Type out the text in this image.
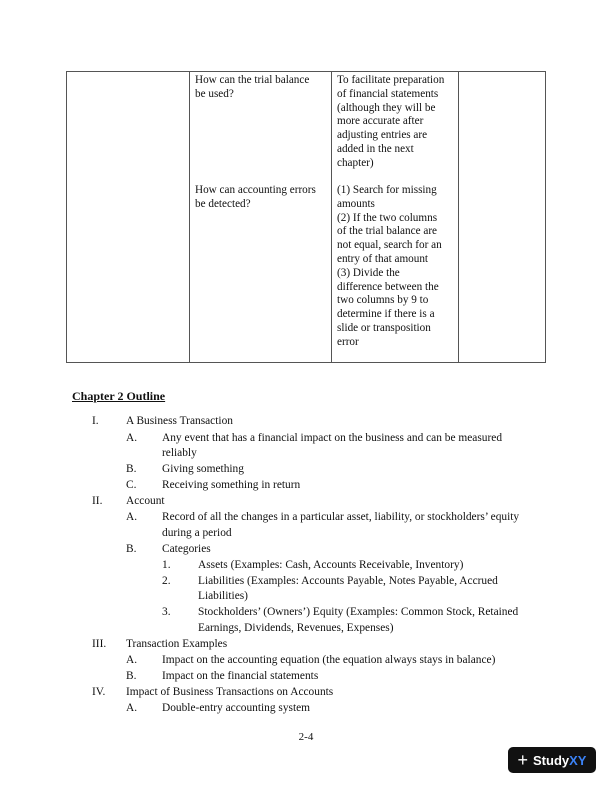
How can the trial balance
be used?
To facilitate preparation
of financial statements
(although they will be
more accurate after
adjusting entries are
added in the next
chapter)
How can accounting errors
be detected?
(1) Search for missing
amounts
(2) If the two columns
of the trial balance are
not equal, search for an
entry of that amount
(3) Divide the
difference between the
two columns by 9 to
determine if there is a
slide or transposition
error
Chapter 2 Outline
I. A Business Transaction
A. Any event that has a financial impact on the business and can be measured
reliably
B. Giving something
C. Receiving something in return
II. Account
A. Record of all the changes in a particular asset, liability, or stockholders’ equity
during a period
B. Categories
1. Assets (Examples: Cash, Accounts Receivable, Inventory)
2. Liabilities (Examples: Accounts Payable, Notes Payable, Accrued
Liabilities)
3. Stockholders’ (Owners’) Equity (Examples: Common Stock, Retained
Earnings, Dividends, Revenues, Expenses)
III. Transaction Examples
A. Impact on the accounting equation (the equation always stays in balance)
B. Impact on the financial statements
IV. Impact of Business Transactions on Accounts
A. Double-entry accounting system
2-4
+ Study XY
